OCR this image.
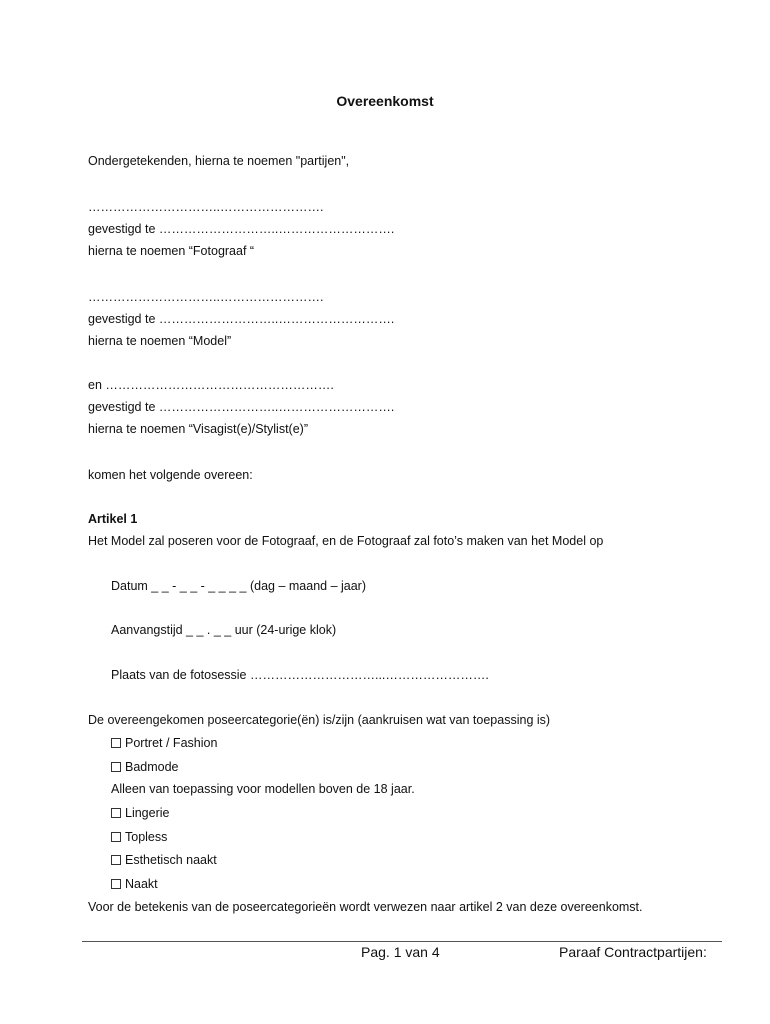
Overeenkomst
Ondergetekenden, hierna te noemen "partijen",
…………………………..…………………….
gevestigd te ………………………..……………………….
hierna te noemen “Fotograaf “
…………………………..…………………….
gevestigd te ………………………..……………………….
hierna te noemen “Model”
en ……………………………………………….
gevestigd te ………………………..……………………….
hierna te noemen “Visagist(e)/Stylist(e)”
komen het volgende overeen:
Artikel 1
Het Model zal poseren voor de Fotograaf, en de Fotograaf zal foto’s maken van het Model op
Datum _ _ - _ _ - _ _ _ _ (dag – maand – jaar)
Aanvangstijd _ _ . _ _ uur (24-urige klok)
Plaats van de fotosessie …………………………...…………………….
De overeengekomen poseercategorie(ën) is/zijn (aankruisen wat van toepassing is)
Portret / Fashion
Badmode
Alleen van toepassing voor modellen boven de 18 jaar.
Lingerie
Topless
Esthetisch naakt
Naakt
Voor de betekenis van de poseercategorieën wordt verwezen naar artikel 2 van deze overeenkomst.
Pag. 1 van 4	Paraaf Contractpartijen:
